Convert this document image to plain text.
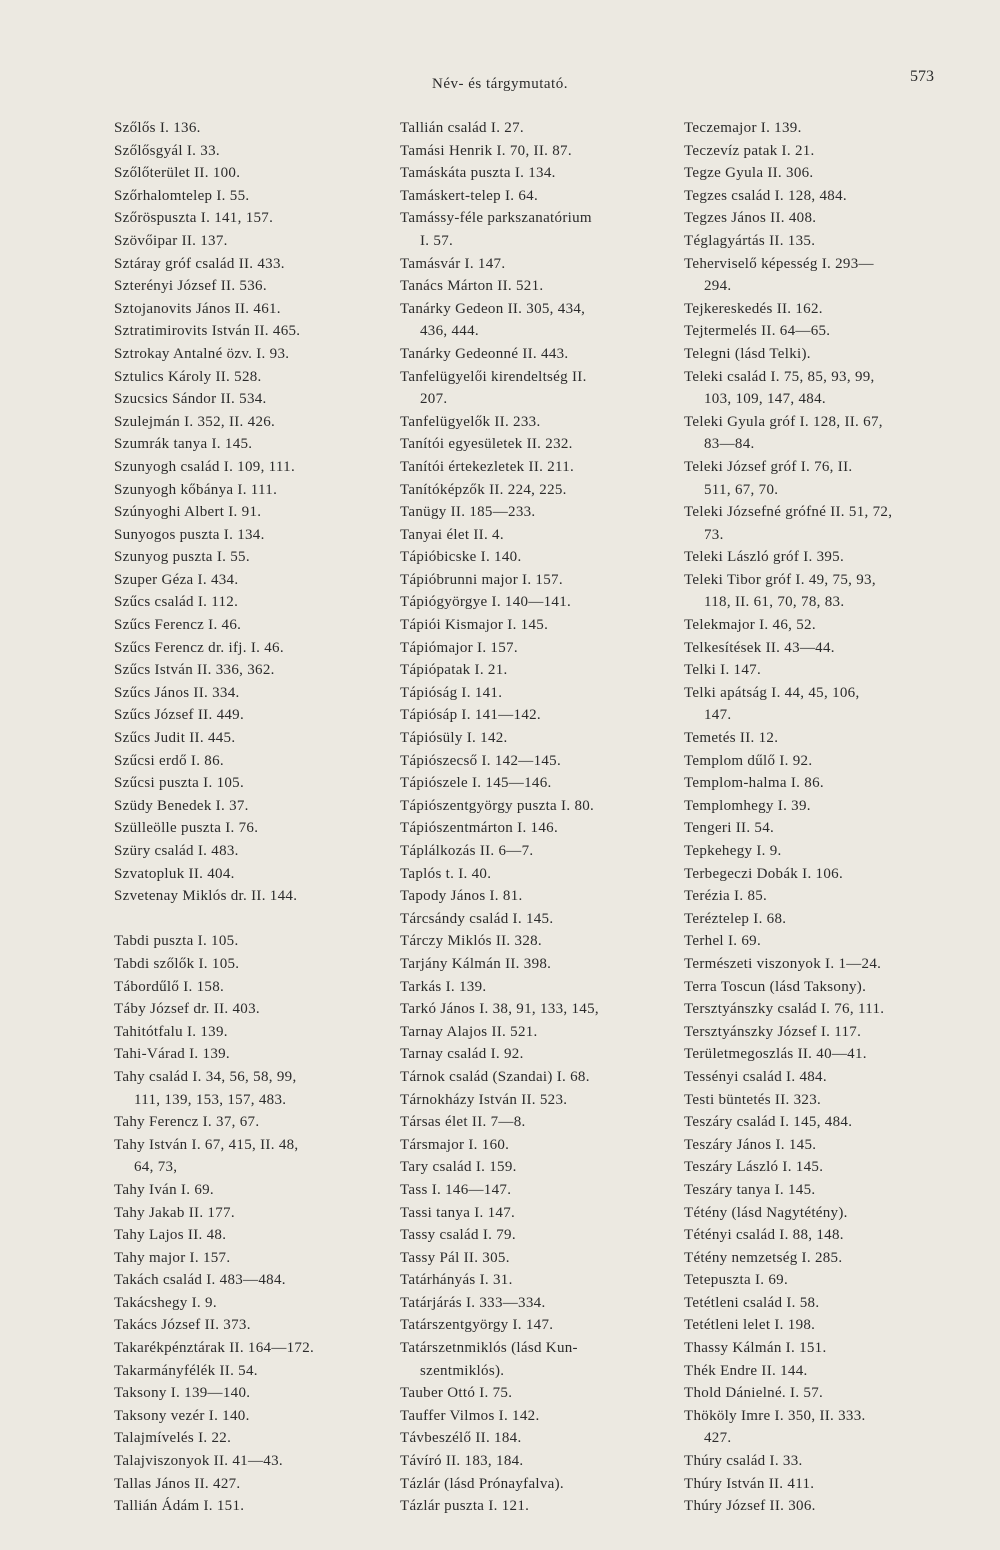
Név- és tárgymutató.	573
Szőlős I. 136.
Szőlősgyál I. 33.
Szőlőterület II. 100.
Szőrhalomtelep I. 55.
Szőröspuszta I. 141, 157.
Szövőipar II. 137.
Sztáray gróf család II. 433.
Szterényi József II. 536.
Sztojanovits János II. 461.
Sztratimirovits István II. 465.
Sztrokay Antalné özv. I. 93.
Sztulics Károly II. 528.
Szucsics Sándor II. 534.
Szulejmán I. 352, II. 426.
Szumrák tanya I. 145.
Szunyogh család I. 109, 111.
Szunyogh kőbánya I. 111.
Szúnyoghi Albert I. 91.
Sunyogos puszta I. 134.
Szunyog puszta I. 55.
Szuper Géza I. 434.
Szűcs család I. 112.
Szűcs Ferencz I. 46.
Szűcs Ferencz dr. ifj. I. 46.
Szűcs István II. 336, 362.
Szűcs János II. 334.
Szűcs József II. 449.
Szűcs Judit II. 445.
Szűcsi erdő I. 86.
Szűcsi puszta I. 105.
Szüdy Benedek I. 37.
Szülleölle puszta I. 76.
Szüry család I. 483.
Szvatopluk II. 404.
Szvetenay Miklós dr. II. 144.
Tabdi puszta I. 105.
Tabdi szőlők I. 105.
Tábordűlő I. 158.
Táby József dr. II. 403.
Tahitótfalu I. 139.
Tahi-Várad I. 139.
Tahy család I. 34, 56, 58, 99,
111, 139, 153, 157, 483.
Tahy Ferencz I. 37, 67.
Tahy István I. 67, 415, II. 48,
64, 73,
Tahy Iván I. 69.
Tahy Jakab II. 177.
Tahy Lajos II. 48.
Tahy major I. 157.
Takách család I. 483—484.
Takácshegy I. 9.
Takács József II. 373.
Takarékpénztárak II. 164—172.
Takarmányfélék II. 54.
Taksony I. 139—140.
Taksony vezér I. 140.
Talajmívelés I. 22.
Talajviszonyok II. 41—43.
Tallas János II. 427.
Tallián Ádám I. 151.
Tallián család I. 27.
Tamási Henrik I. 70, II. 87.
Tamáskáta puszta I. 134.
Tamáskert-telep I. 64.
Tamássy-féle parkszanatórium
I. 57.
Tamásvár I. 147.
Tanács Márton II. 521.
Tanárky Gedeon II. 305, 434,
436, 444.
Tanárky Gedeonné II. 443.
Tanfelügyelői kirendeltség II.
207.
Tanfelügyelők II. 233.
Tanítói egyesületek II. 232.
Tanítói értekezletek II. 211.
Tanítóképzők II. 224, 225.
Tanügy II. 185—233.
Tanyai élet II. 4.
Tápióbicske I. 140.
Tápióbrunni major I. 157.
Tápiógyörgye I. 140—141.
Tápiói Kismajor I. 145.
Tápiómajor I. 157.
Tápiópatak I. 21.
Tápióság I. 141.
Tápiósáp I. 141—142.
Tápiósüly I. 142.
Tápiószecső I. 142—145.
Tápiószele I. 145—146.
Tápiószentgyörgy puszta I. 80.
Tápiószentmárton I. 146.
Táplálkozás II. 6—7.
Taplós t. I. 40.
Tapody János I. 81.
Tárcsándy család I. 145.
Tárczy Miklós II. 328.
Tarjány Kálmán II. 398.
Tarkás I. 139.
Tarkó János I. 38, 91, 133, 145,
Tarnay Alajos II. 521.
Tarnay család I. 92.
Tárnok család (Szandai) I. 68.
Tárnokházy István II. 523.
Társas élet II. 7—8.
Társmajor I. 160.
Tary család I. 159.
Tass I. 146—147.
Tassi tanya I. 147.
Tassy család I. 79.
Tassy Pál II. 305.
Tatárhányás I. 31.
Tatárjárás I. 333—334.
Tatárszentgyörgy I. 147.
Tatárszetnmiklós (lásd Kun-
szentmiklós).
Tauber Ottó I. 75.
Tauffer Vilmos I. 142.
Távbeszélő II. 184.
Távíró II. 183, 184.
Tázlár (lásd Prónayfalva).
Tázlár puszta I. 121.
Teczemajor I. 139.
Teczevíz patak I. 21.
Tegze Gyula II. 306.
Tegzes család I. 128, 484.
Tegzes János II. 408.
Téglagyártás II. 135.
Teherviselő képesség I. 293—
294.
Tejkereskedés II. 162.
Tejtermelés II. 64—65.
Telegni (lásd Telki).
Teleki család I. 75, 85, 93, 99,
103, 109, 147, 484.
Teleki Gyula gróf I. 128, II. 67,
83—84.
Teleki József gróf I. 76, II.
511, 67, 70.
Teleki Józsefné grófné II. 51, 72,
73.
Teleki László gróf I. 395.
Teleki Tibor gróf I. 49, 75, 93,
118, II. 61, 70, 78, 83.
Telekmajor I. 46, 52.
Telkesítések II. 43—44.
Telki I. 147.
Telki apátság I. 44, 45, 106,
147.
Temetés II. 12.
Templom dűlő I. 92.
Templom-halma I. 86.
Templomhegy I. 39.
Tengeri II. 54.
Tepkehegy I. 9.
Terbegeczi Dobák I. 106.
Terézia I. 85.
Teréztelep I. 68.
Terhel I. 69.
Természeti viszonyok I. 1—24.
Terra Toscun (lásd Taksony).
Tersztyánszky család I. 76, 111.
Tersztyánszky József I. 117.
Területmegoszlás II. 40—41.
Tessényi család I. 484.
Testi büntetés II. 323.
Teszáry család I. 145, 484.
Teszáry János I. 145.
Teszáry László I. 145.
Teszáry tanya I. 145.
Tétény (lásd Nagytétény).
Tétényi család I. 88, 148.
Tétény nemzetség I. 285.
Tetepuszta I. 69.
Tetétleni család I. 58.
Tetétleni lelet I. 198.
Thassy Kálmán I. 151.
Thék Endre II. 144.
Thold Dánielné. I. 57.
Thököly Imre I. 350, II. 333.
427.
Thúry család I. 33.
Thúry István II. 411.
Thúry József II. 306.
